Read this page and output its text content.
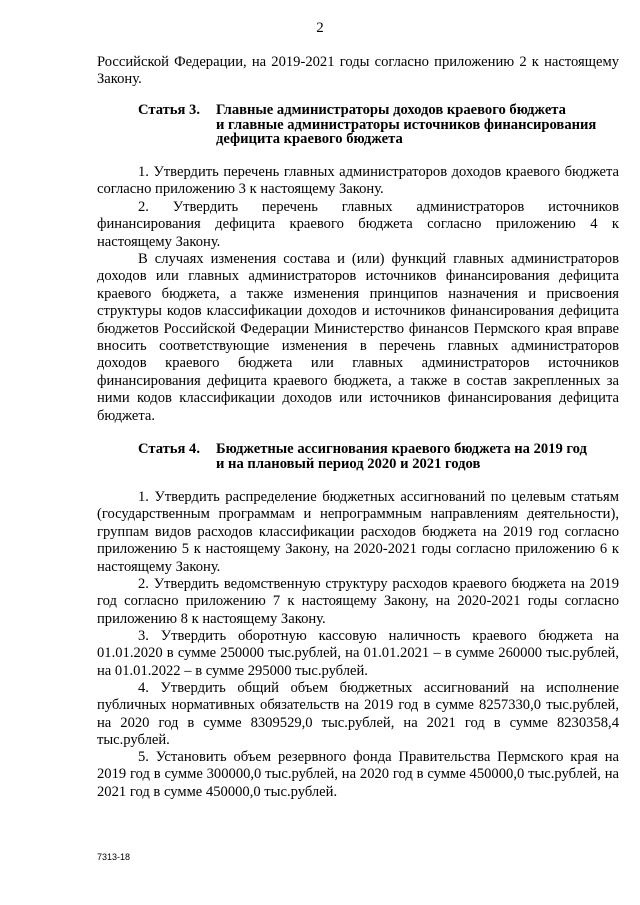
2

Российской Федерации, на 2019-2021 годы согласно приложению 2 к настоящему Закону.

Статья 3.	Главные администраторы доходов краевого бюджета
и главные администраторы источников финансирования
дефицита краевого бюджета

1. Утвердить перечень главных администраторов доходов краевого бюджета согласно приложению 3 к настоящему Закону.

2. Утвердить перечень главных администраторов источников финансирования дефицита краевого бюджета согласно приложению 4 к настоящему Закону.

В случаях изменения состава и (или) функций главных администраторов доходов или главных администраторов источников финансирования дефицита краевого бюджета, а также изменения принципов назначения и присвоения структуры кодов классификации доходов и источников финансирования дефицита бюджетов Российской Федерации Министерство финансов Пермского края вправе вносить соответствующие изменения в перечень главных администраторов доходов краевого бюджета или главных администраторов источников финансирования дефицита краевого бюджета, а также в состав закрепленных за ними кодов классификации доходов или источников финансирования дефицита бюджета.

Статья 4.	Бюджетные ассигнования краевого бюджета на 2019 год
и на плановый период 2020 и 2021 годов

1. Утвердить распределение бюджетных ассигнований по целевым статьям (государственным программам и непрограммным направлениям деятельности), группам видов расходов классификации расходов бюджета на 2019 год согласно приложению 5 к настоящему Закону, на 2020-2021 годы согласно приложению 6 к настоящему Закону.

2. Утвердить ведомственную структуру расходов краевого бюджета на 2019 год согласно приложению 7 к настоящему Закону, на 2020-2021 годы согласно приложению 8 к настоящему Закону.

3. Утвердить оборотную кассовую наличность краевого бюджета на 01.01.2020 в сумме 250000 тыс.рублей, на 01.01.2021 – в сумме 260000 тыс.рублей, на 01.01.2022 – в сумме 295000 тыс.рублей.

4. Утвердить общий объем бюджетных ассигнований на исполнение публичных нормативных обязательств на 2019 год в сумме 8257330,0 тыс.рублей, на 2020 год в сумме 8309529,0 тыс.рублей, на 2021 год в сумме 8230358,4 тыс.рублей.

5. Установить объем резервного фонда Правительства Пермского края на 2019 год в сумме 300000,0 тыс.рублей, на 2020 год в сумме 450000,0 тыс.рублей, на 2021 год в сумме 450000,0 тыс.рублей.

7313-18
